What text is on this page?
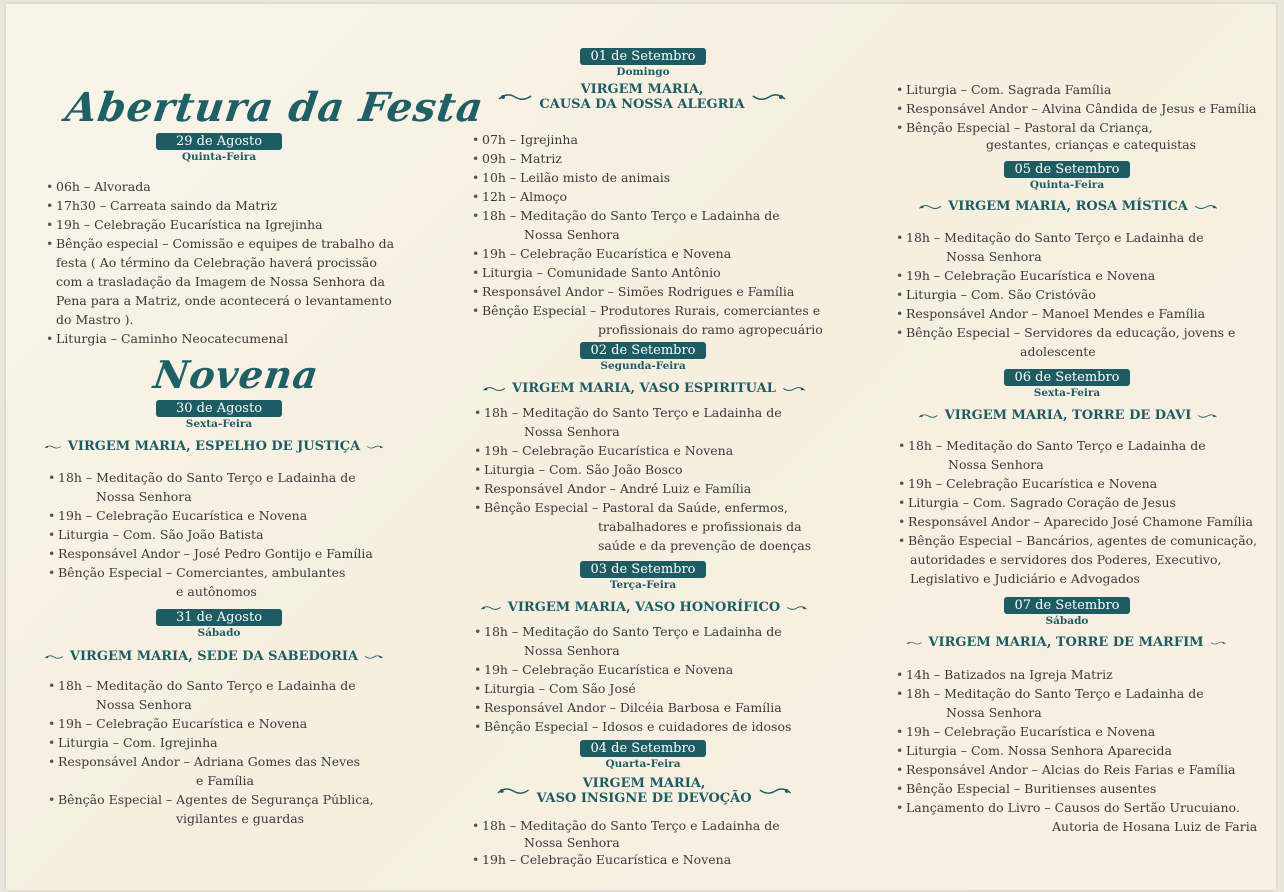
Abertura da Festa
29 de Agosto
Quinta-Feira
• 06h – Alvorada
• 17h30 – Carreata saindo da Matriz
• 19h – Celebração Eucarística na Igrejinha
• Bênção especial – Comissão e equipes de trabalho da
festa ( Ao término da Celebração haverá procissão
com a trasladação da Imagem de Nossa Senhora da
Pena para a Matriz, onde acontecerá o levantamento
do Mastro ).
• Liturgia – Caminho Neocatecumenal
Novena
30 de Agosto
Sexta-Feira
VIRGEM MARIA, ESPELHO DE JUSTIÇA
• 18h – Meditação do Santo Terço e Ladainha de
Nossa Senhora
• 19h – Celebração Eucarística e Novena
• Liturgia – Com. São João Batista
• Responsável Andor – José Pedro Gontijo e Família
• Bênção Especial – Comerciantes, ambulantes
e autônomos
31 de Agosto
Sábado
VIRGEM MARIA, SEDE DA SABEDORIA
• 18h – Meditação do Santo Terço e Ladainha de
Nossa Senhora
• 19h – Celebração Eucarística e Novena
• Liturgia – Com. Igrejinha
• Responsável Andor – Adriana Gomes das Neves
e Família
• Bênção Especial – Agentes de Segurança Pública,
vigilantes e guardas
01 de Setembro
Domingo
VIRGEM MARIA,
CAUSA DA NOSSA ALEGRIA
• 07h – Igrejinha
• 09h – Matriz
• 10h – Leilão misto de animais
• 12h – Almoço
• 18h – Meditação do Santo Terço e Ladainha de
Nossa Senhora
• 19h – Celebração Eucarística e Novena
• Liturgia – Comunidade Santo Antônio
• Responsável Andor – Simões Rodrigues e Família
• Bênção Especial – Produtores Rurais, comerciantes e
profissionais do ramo agropecuário
02 de Setembro
Segunda-Feira
VIRGEM MARIA, VASO ESPIRITUAL
• 18h – Meditação do Santo Terço e Ladainha de
Nossa Senhora
• 19h – Celebração Eucarística e Novena
• Liturgia – Com. São João Bosco
• Responsável Andor – André Luiz e Família
• Bênção Especial – Pastoral da Saúde, enfermos,
trabalhadores e profissionais da
saúde e da prevenção de doenças
03 de Setembro
Terça-Feira
VIRGEM MARIA, VASO HONORÍFICO
• 18h – Meditação do Santo Terço e Ladainha de
Nossa Senhora
• 19h – Celebração Eucarística e Novena
• Liturgia – Com São José
• Responsável Andor – Dilcéia Barbosa e Família
• Bênção Especial – Idosos e cuidadores de idosos
04 de Setembro
Quarta-Feira
VIRGEM MARIA,
VASO INSIGNE DE DEVOÇÃO
• 18h – Meditação do Santo Terço e Ladainha de
Nossa Senhora
• 19h – Celebração Eucarística e Novena
• Liturgia – Com. Sagrada Família
• Responsável Andor – Alvina Cândida de Jesus e Família
• Bênção Especial – Pastoral da Criança,
gestantes, crianças e catequistas
05 de Setembro
Quinta-Feira
VIRGEM MARIA, ROSA MÍSTICA
• 18h – Meditação do Santo Terço e Ladainha de
Nossa Senhora
• 19h – Celebração Eucarística e Novena
• Liturgia – Com. São Cristóvão
• Responsável Andor – Manoel Mendes e Família
• Bênção Especial – Servidores da educação, jovens e
adolescente
06 de Setembro
Sexta-Feira
VIRGEM MARIA, TORRE DE DAVI
• 18h – Meditação do Santo Terço e Ladainha de
Nossa Senhora
• 19h – Celebração Eucarística e Novena
• Liturgia – Com. Sagrado Coração de Jesus
• Responsável Andor – Aparecido José Chamone Família
• Bênção Especial – Bancários, agentes de comunicação,
autoridades e servidores dos Poderes, Executivo,
Legislativo e Judiciário e Advogados
07 de Setembro
Sábado
VIRGEM MARIA, TORRE DE MARFIM
• 14h – Batizados na Igreja Matriz
• 18h – Meditação do Santo Terço e Ladainha de
Nossa Senhora
• 19h – Celebração Eucarística e Novena
• Liturgia – Com. Nossa Senhora Aparecida
• Responsável Andor – Alcias do Reis Farias e Família
• Bênção Especial – Buritienses ausentes
• Lançamento do Livro – Causos do Sertão Urucuiano.
Autoria de Hosana Luiz de Faria
